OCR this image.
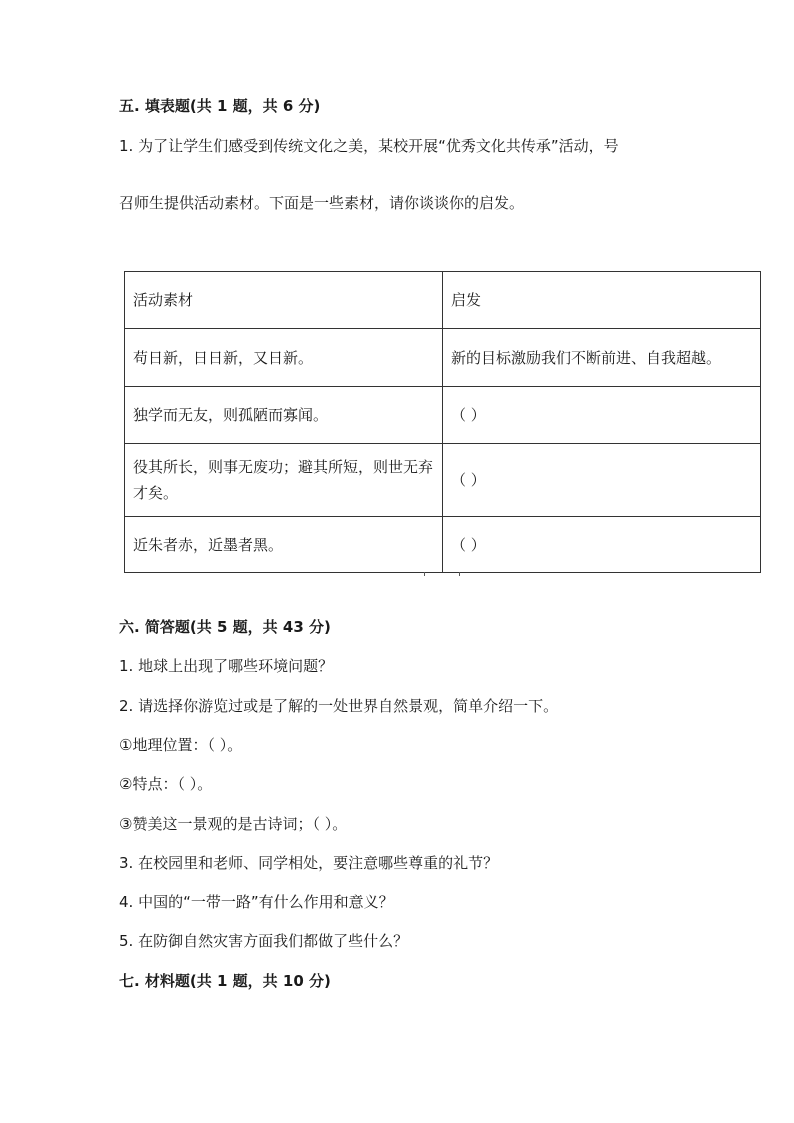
五. 填表题(共 1 题，共 6 分)
1. 为了让学生们感受到传统文化之美，某校开展“优秀文化共传承”活动，号
召师生提供活动素材。下面是一些素材，请你谈谈你的启发。
活动素材	启发
苟日新，日日新，又日新。	新的目标激励我们不断前进、自我超越。
独学而无友，则孤陋而寡闻。	（ ）
役其所长，则事无废功；避其所短，则世无弃才矣。	（ ）
近朱者赤，近墨者黑。	（ ）
六. 简答题(共 5 题，共 43 分)
1. 地球上出现了哪些环境问题？
2. 请选择你游览过或是了解的一处世界自然景观，简单介绍一下。
①地理位置：（ ）。
②特点：（ ）。
③赞美这一景观的是古诗词；（ ）。
3. 在校园里和老师、同学相处，要注意哪些尊重的礼节？
4. 中国的“一带一路”有什么作用和意义？
5. 在防御自然灾害方面我们都做了些什么？
七. 材料题(共 1 题，共 10 分)
